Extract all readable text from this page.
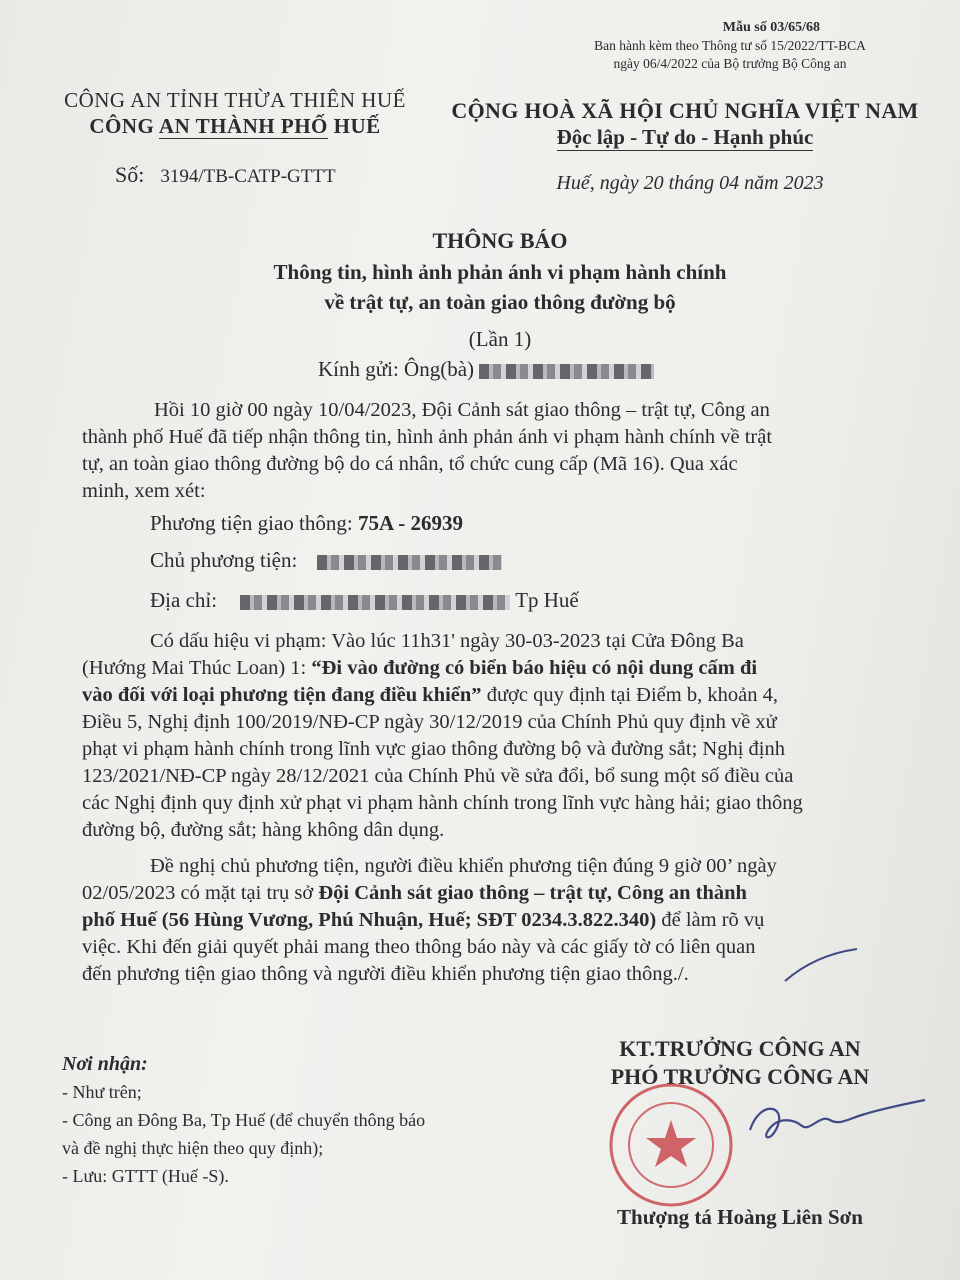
Mẫu số 03/65/68
Ban hành kèm theo Thông tư số 15/2022/TT-BCA
ngày 06/4/2022 của Bộ trưởng Bộ Công an
CÔNG AN TỈNH THỪA THIÊN HUẾ
CÔNG AN THÀNH PHỐ HUẾ
CỘNG HOÀ XÃ HỘI CHỦ NGHĨA VIỆT NAM
Độc lập - Tự do - Hạnh phúc
Số: 3194/TB-CATP-GTTT	Huế, ngày 20 tháng 04 năm 2023
THÔNG BÁO
Thông tin, hình ảnh phản ánh vi phạm hành chính
về trật tự, an toàn giao thông đường bộ
(Lần 1)
Kính gửi: Ông(bà)
Hồi 10 giờ 00 ngày 10/04/2023, Đội Cảnh sát giao thông – trật tự, Công an
thành phố Huế đã tiếp nhận thông tin, hình ảnh phản ánh vi phạm hành chính về trật
tự, an toàn giao thông đường bộ do cá nhân, tổ chức cung cấp (Mã 16). Qua xác
minh, xem xét:
Phương tiện giao thông: 75A - 26939
Chủ phương tiện:
Địa chỉ:	Tp Huế
Có dấu hiệu vi phạm: Vào lúc 11h31' ngày 30-03-2023 tại Cửa Đông Ba
(Hướng Mai Thúc Loan) 1: “Đi vào đường có biển báo hiệu có nội dung cấm đi
vào đối với loại phương tiện đang điều khiển” được quy định tại Điểm b, khoản 4,
Điều 5, Nghị định 100/2019/NĐ-CP ngày 30/12/2019 của Chính Phủ quy định về xử
phạt vi phạm hành chính trong lĩnh vực giao thông đường bộ và đường sắt; Nghị định
123/2021/NĐ-CP ngày 28/12/2021 của Chính Phủ về sửa đổi, bổ sung một số điều của
các Nghị định quy định xử phạt vi phạm hành chính trong lĩnh vực hàng hải; giao thông
đường bộ, đường sắt; hàng không dân dụng.
Đề nghị chủ phương tiện, người điều khiển phương tiện đúng 9 giờ 00’ ngày
02/05/2023 có mặt tại trụ sở Đội Cảnh sát giao thông – trật tự, Công an thành
phố Huế (56 Hùng Vương, Phú Nhuận, Huế; SĐT 0234.3.822.340) để làm rõ vụ
việc. Khi đến giải quyết phải mang theo thông báo này và các giấy tờ có liên quan
đến phương tiện giao thông và người điều khiển phương tiện giao thông./.
Nơi nhận:
- Như trên;
- Công an Đông Ba, Tp Huế (để chuyển thông báo
và đề nghị thực hiện theo quy định);
- Lưu: GTTT (Huế -S).
KT.TRƯỞNG CÔNG AN
PHÓ TRƯỞNG CÔNG AN
Thượng tá Hoàng Liên Sơn
